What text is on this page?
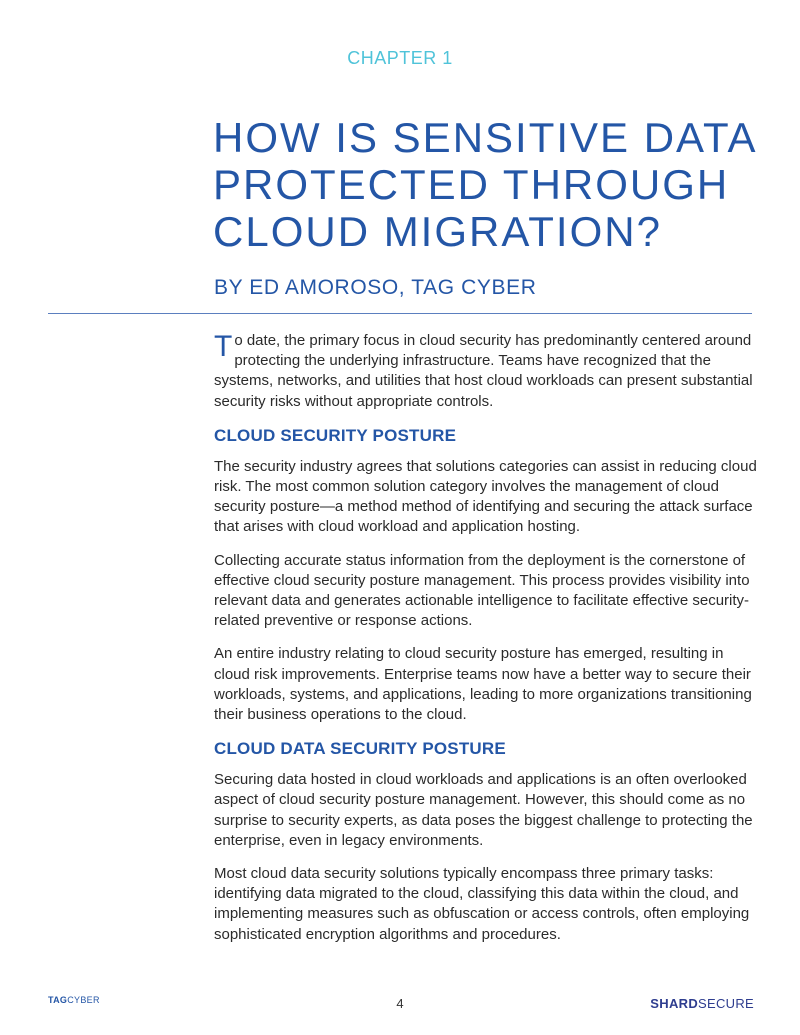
CHAPTER 1
HOW IS SENSITIVE DATA PROTECTED THROUGH CLOUD MIGRATION?
BY ED AMOROSO, TAG CYBER

To date, the primary focus in cloud security has predominantly centered around protecting the underlying infrastructure. Teams have recognized that the systems, networks, and utilities that host cloud workloads can present substantial security risks without appropriate controls.

CLOUD SECURITY POSTURE

The security industry agrees that solutions categories can assist in reducing cloud risk. The most common solution category involves the management of cloud security posture—a method method of identifying and securing the attack surface that arises with cloud workload and application hosting.

Collecting accurate status information from the deployment is the cornerstone of effective cloud security posture management. This process provides visibility into relevant data and generates actionable intelligence to facilitate effective security-related preventive or response actions.

An entire industry relating to cloud security posture has emerged, resulting in cloud risk improvements. Enterprise teams now have a better way to secure their workloads, systems, and applications, leading to more organizations transitioning their business operations to the cloud.

CLOUD DATA SECURITY POSTURE

Securing data hosted in cloud workloads and applications is an often overlooked aspect of cloud security posture management. However, this should come as no surprise to security experts, as data poses the biggest challenge to protecting the enterprise, even in legacy environments.

Most cloud data security solutions typically encompass three primary tasks: identifying data migrated to the cloud, classifying this data within the cloud, and implementing measures such as obfuscation or access controls, often employing sophisticated encryption algorithms and procedures.

TAGCYBER	4	SHARDSECURE
